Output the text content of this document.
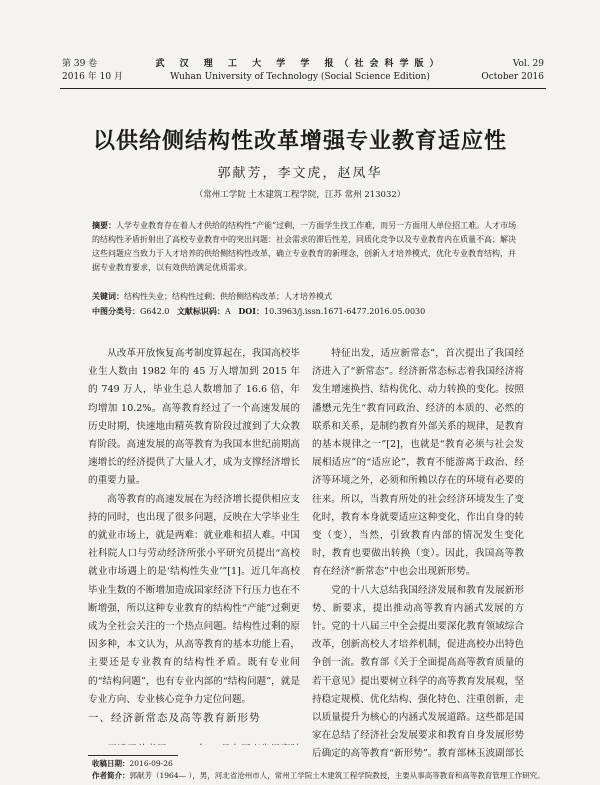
第 39 卷
2016 年 10 月
武 汉 理 工 大 学 学 报（社会科学版）
Wuhan University of Technology (Social Science Edition)
Vol. 29
October 2016
以供给侧结构性改革增强专业教育适应性
郭献芳，李文虎，赵凤华
（常州工学院 土木建筑工程学院，江苏 常州 213032）
摘要：人学专业教育存在着人才供给的结构性“产能”过剩，一方面学生找工作难，而另一方面用人单位招工难。人才市场的结构性矛盾折射出了高校专业教育中的突出问题：社会需求的滞后性差，同质化竞争以及专业教育内在质量不高；解决这些问题应当致力于人才培养的供给侧结构性改革，确立专业教育的新理念，创新人才培养模式，优化专业教育结构，并据专业教育要求，以有效供给满足优质需求。
关键词：结构性失业；结构性过剩；供给侧结构改革；人才培养模式
中图分类号：G642.0 文献标识码：A DOI：10.3963/j.issn.1671-6477.2016.05.0030

从改革开放恢复高考制度算起在，我国高校毕业生人数由 1982 年的 45 万人增加到 2015 年的 749 万人，毕业生总人数增加了 16.6 倍，年均增加 10.2%。高等教育经过了一个高速发展的历史时期，快速地由精英教育阶段过渡到了大众教育阶段。高速发展的高等教育为我国本世纪前期高速增长的经济提供了大量人才，成为支撑经济增长的重要力量。

高等教育的高速发展在为经济增长提供相应支持的同时，也出现了很多问题，反映在大学毕业生的就业市场上，就是两难：就业难和招人难。中国社科院人口与劳动经济所张小平研究员提出“高校就业市场遇上的是‘结构性失业’”[1]。近几年高校毕业生数的不断增加造成国家经济下行压力也在不断增强，所以这种专业教育的结构性“产能”过剩更成为全社会关注的一个热点问题。结构性过剩的原因多种，本文认为，从高等教育的基本功能上看，主要还是专业教育的结构性矛盾。既有专业间的“结构问题”，也有专业内部的“结构问题”，就是专业方向、专业核心竞争力定位问题。

一、经济新常态及高等教育新形势

特征出发，适应新常态”，首次提出了我国经济进入了“新常态”。经济新常态标志着我国经济将发生增速换挡、结构优化、动力转换的变化。按照潘懋元先生“教育同政治、经济的本质的、必然的联系和关系，是制约教育外部关系的规律，是教育的基本规律之一”[2]，也就是“教育必须与社会发展相适应”的“适应论”，教育不能游离于政治、经济等环境之外，必须和所赖以存在的环境有必要的往来。所以，当教育所处的社会经济环境发生了变化时，教育本身就要适应这种变化，作出自身的转变（变），当然，引致教育内部的情况发生变化时，教育也要做出转换（变）。因此，我国高等教育在经济“新常态”中也会出现新形势。

党的十八大总结我国经济发展和教育发展新形势、新要求，提出推动高等教育内涵式发展的方针。党的十八届三中全会提出要深化教育领域综合改革，创新高校人才培养机制，促进高校办出特色争创一流。教育部《关于全面提高高等教育质量的若干意见》提出要树立科学的高等教育发展观，坚持稳定规模、优化结构、强化特色、注重创新，走以质量提升为核心的内涵式发展道路。这些都是国家在总结了经济社会发展要求和教育自身发展形势后确定的高等教育“新形势”。教育部林玉波副部长

收稿日期：2016-09-26
作者简介：郭献芳（1964— ），男，河北省沧州市人，常州工学院土木建筑工程学院教授，主要从事高等教育和高等教育管理工作研究。
